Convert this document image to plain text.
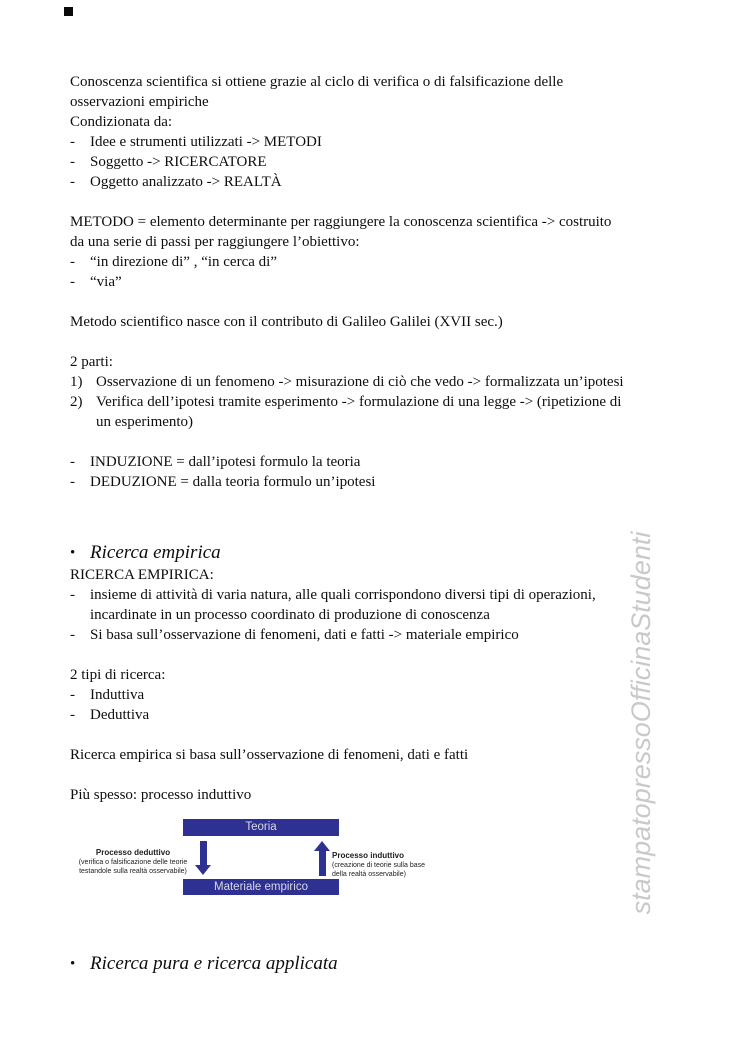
stampatopressoOfficinaStudenti
Conoscenza scientifica si ottiene grazie al ciclo di verifica o di falsificazione delle
osservazioni empiriche
Condizionata da:
-	Idee e strumenti utilizzati -> METODI
-	Soggetto -> RICERCATORE
-	Oggetto analizzato -> REALTÀ
METODO = elemento determinante per raggiungere la conoscenza scientifica -> costruito
da una serie di passi per raggiungere l’obiettivo:
-	“in direzione di” , “in cerca di”
-	“via”
Metodo scientifico nasce con il contributo di Galileo Galilei (XVII sec.)
2 parti:
1) Osservazione di un fenomeno -> misurazione di ciò che vedo -> formalizzata un’ipotesi
2) Verifica dell’ipotesi tramite esperimento -> formulazione di una legge -> (ripetizione di
un esperimento)
-	INDUZIONE = dall’ipotesi formulo la teoria
-	DEDUZIONE = dalla teoria formulo un’ipotesi
• Ricerca empirica
RICERCA EMPIRICA:
-	insieme di attività di varia natura, alle quali corrispondono diversi tipi di operazioni,
incardinate in un processo coordinato di produzione di conoscenza
-	Si basa sull’osservazione di fenomeni, dati e fatti -> materiale empirico
2 tipi di ricerca:
-	Induttiva
-	Deduttiva
Ricerca empirica si basa sull’osservazione di fenomeni, dati e fatti
Più spesso: processo induttivo
Teoria
Materiale empirico
Processo deduttivo
(verifica o falsificazione delle teorie
testandole sulla realtà osservabile)
Processo induttivo
(creazione di teorie sulla base
della realtà osservabile)
• Ricerca pura e ricerca applicata
